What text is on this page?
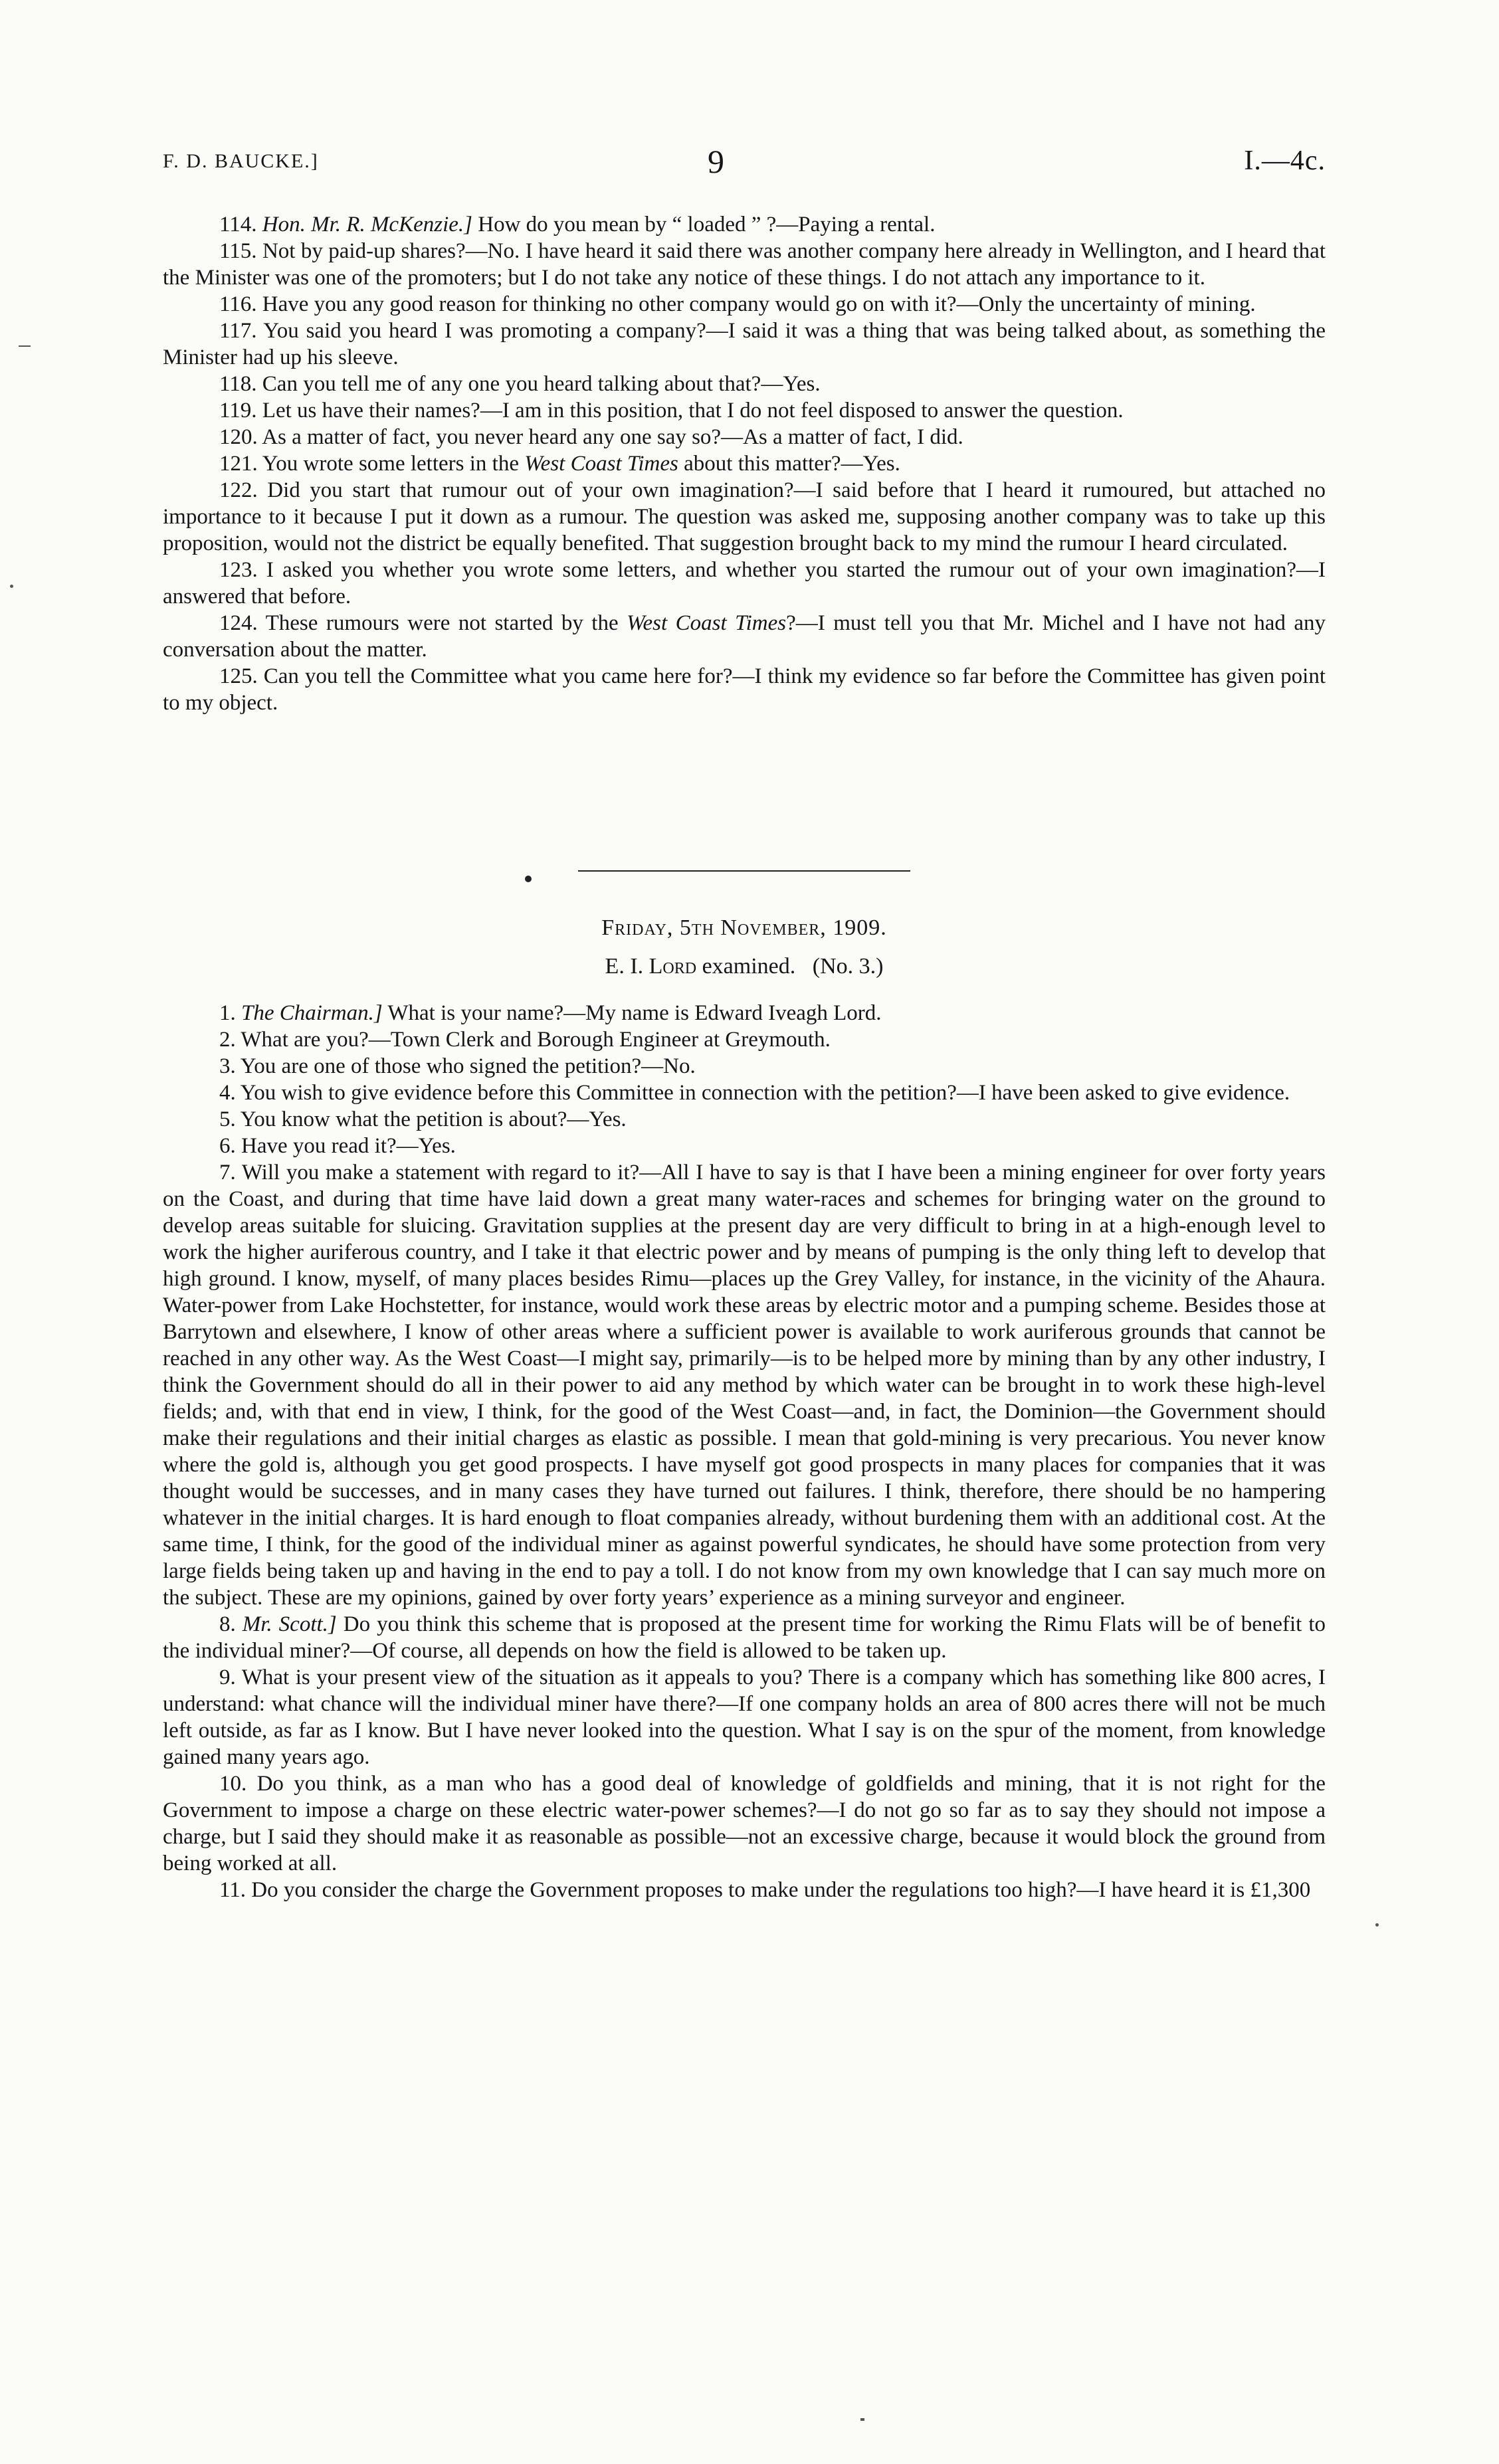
F. D. BAUCKE.]	9	I.—4c.

114. Hon. Mr. R. McKenzie.] How do you mean by “ loaded ” ?—Paying a rental.

115. Not by paid-up shares?—No. I have heard it said there was another company here already in Wellington, and I heard that the Minister was one of the promoters; but I do not take any notice of these things. I do not attach any importance to it.

116. Have you any good reason for thinking no other company would go on with it?—Only the uncertainty of mining.

117. You said you heard I was promoting a company?—I said it was a thing that was being talked about, as something the Minister had up his sleeve.

118. Can you tell me of any one you heard talking about that?—Yes.

119. Let us have their names?—I am in this position, that I do not feel disposed to answer the question.

120. As a matter of fact, you never heard any one say so?—As a matter of fact, I did.

121. You wrote some letters in the West Coast Times about this matter?—Yes.

122. Did you start that rumour out of your own imagination?—I said before that I heard it rumoured, but attached no importance to it because I put it down as a rumour. The question was asked me, supposing another company was to take up this proposition, would not the district be equally benefited. That suggestion brought back to my mind the rumour I heard circulated.

123. I asked you whether you wrote some letters, and whether you started the rumour out of your own imagination?—I answered that before.

124. These rumours were not started by the West Coast Times?—I must tell you that Mr. Michel and I have not had any conversation about the matter.

125. Can you tell the Committee what you came here for?—I think my evidence so far before the Committee has given point to my object.

Friday, 5th November, 1909.
E. I. Lord examined. (No. 3.)

1. The Chairman.] What is your name?—My name is Edward Iveagh Lord.

2. What are you?—Town Clerk and Borough Engineer at Greymouth.

3. You are one of those who signed the petition?—No.

4. You wish to give evidence before this Committee in connection with the petition?—I have been asked to give evidence.

5. You know what the petition is about?—Yes.

6. Have you read it?—Yes.

7. Will you make a statement with regard to it?—All I have to say is that I have been a mining engineer for over forty years on the Coast, and during that time have laid down a great many water-races and schemes for bringing water on the ground to develop areas suitable for sluicing. Gravitation supplies at the present day are very difficult to bring in at a high-enough level to work the higher auriferous country, and I take it that electric power and by means of pumping is the only thing left to develop that high ground. I know, myself, of many places besides Rimu—places up the Grey Valley, for instance, in the vicinity of the Ahaura. Water-power from Lake Hochstetter, for instance, would work these areas by electric motor and a pumping scheme. Besides those at Barrytown and elsewhere, I know of other areas where a sufficient power is available to work auriferous grounds that cannot be reached in any other way. As the West Coast—I might say, primarily—is to be helped more by mining than by any other industry, I think the Government should do all in their power to aid any method by which water can be brought in to work these high-level fields; and, with that end in view, I think, for the good of the West Coast—and, in fact, the Dominion—the Government should make their regulations and their initial charges as elastic as possible. I mean that gold-mining is very precarious. You never know where the gold is, although you get good prospects. I have myself got good prospects in many places for companies that it was thought would be successes, and in many cases they have turned out failures. I think, therefore, there should be no hampering whatever in the initial charges. It is hard enough to float companies already, without burdening them with an additional cost. At the same time, I think, for the good of the individual miner as against powerful syndicates, he should have some protection from very large fields being taken up and having in the end to pay a toll. I do not know from my own knowledge that I can say much more on the subject. These are my opinions, gained by over forty years’ experience as a mining surveyor and engineer.

8. Mr. Scott.] Do you think this scheme that is proposed at the present time for working the Rimu Flats will be of benefit to the individual miner?—Of course, all depends on how the field is allowed to be taken up.

9. What is your present view of the situation as it appeals to you? There is a company which has something like 800 acres, I understand: what chance will the individual miner have there?—If one company holds an area of 800 acres there will not be much left outside, as far as I know. But I have never looked into the question. What I say is on the spur of the moment, from knowledge gained many years ago.

10. Do you think, as a man who has a good deal of knowledge of goldfields and mining, that it is not right for the Government to impose a charge on these electric water-power schemes?—I do not go so far as to say they should not impose a charge, but I said they should make it as reasonable as possible—not an excessive charge, because it would block the ground from being worked at all.

11. Do you consider the charge the Government proposes to make under the regulations too high?—I have heard it is £1,300
